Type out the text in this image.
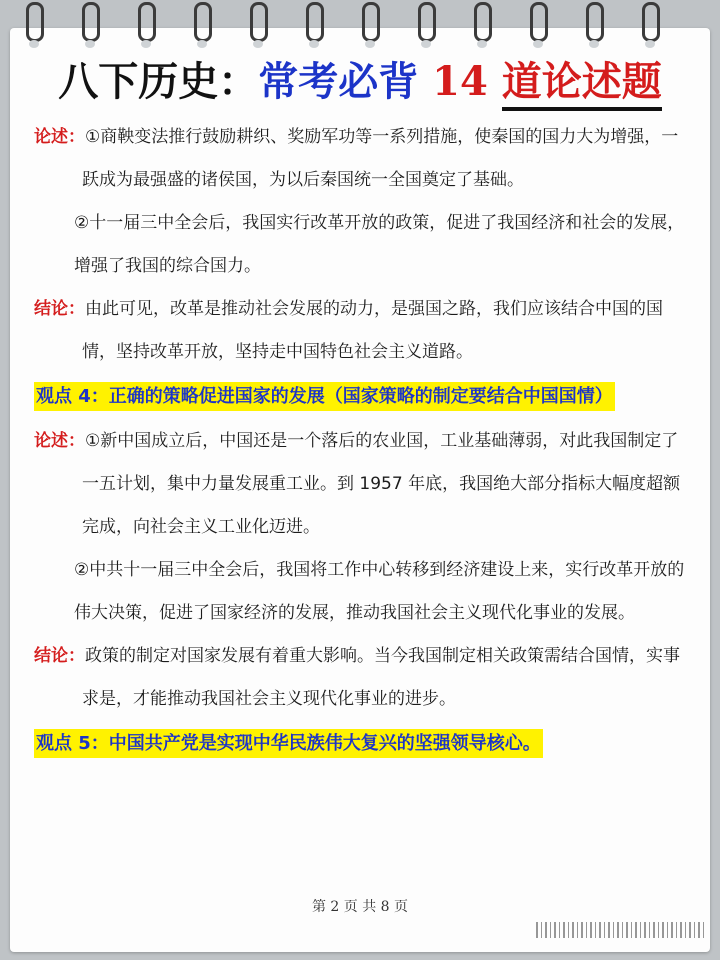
八下历史：常考必背 14 道论述题
论述：①商鞅变法推行鼓励耕织、奖励军功等一系列措施，使秦国的国力大为增强，一跃成为最强盛的诸侯国，为以后秦国统一全国奠定了基础。
②十一届三中全会后，我国实行改革开放的政策，促进了我国经济和社会的发展，增强了我国的综合国力。
结论：由此可见，改革是推动社会发展的动力，是强国之路，我们应该结合中国的国情，坚持改革开放，坚持走中国特色社会主义道路。
观点 4：正确的策略促进国家的发展（国家策略的制定要结合中国国情）
论述：①新中国成立后，中国还是一个落后的农业国，工业基础薄弱，对此我国制定了一五计划，集中力量发展重工业。到 1957 年底，我国绝大部分指标大幅度超额完成，向社会主义工业化迈进。
②中共十一届三中全会后，我国将工作中心转移到经济建设上来，实行改革开放的伟大决策，促进了国家经济的发展，推动我国社会主义现代化事业的发展。
结论：政策的制定对国家发展有着重大影响。当今我国制定相关政策需结合国情，实事求是，才能推动我国社会主义现代化事业的进步。
观点 5：中国共产党是实现中华民族伟大复兴的坚强领导核心。
第 2 页 共 8 页
